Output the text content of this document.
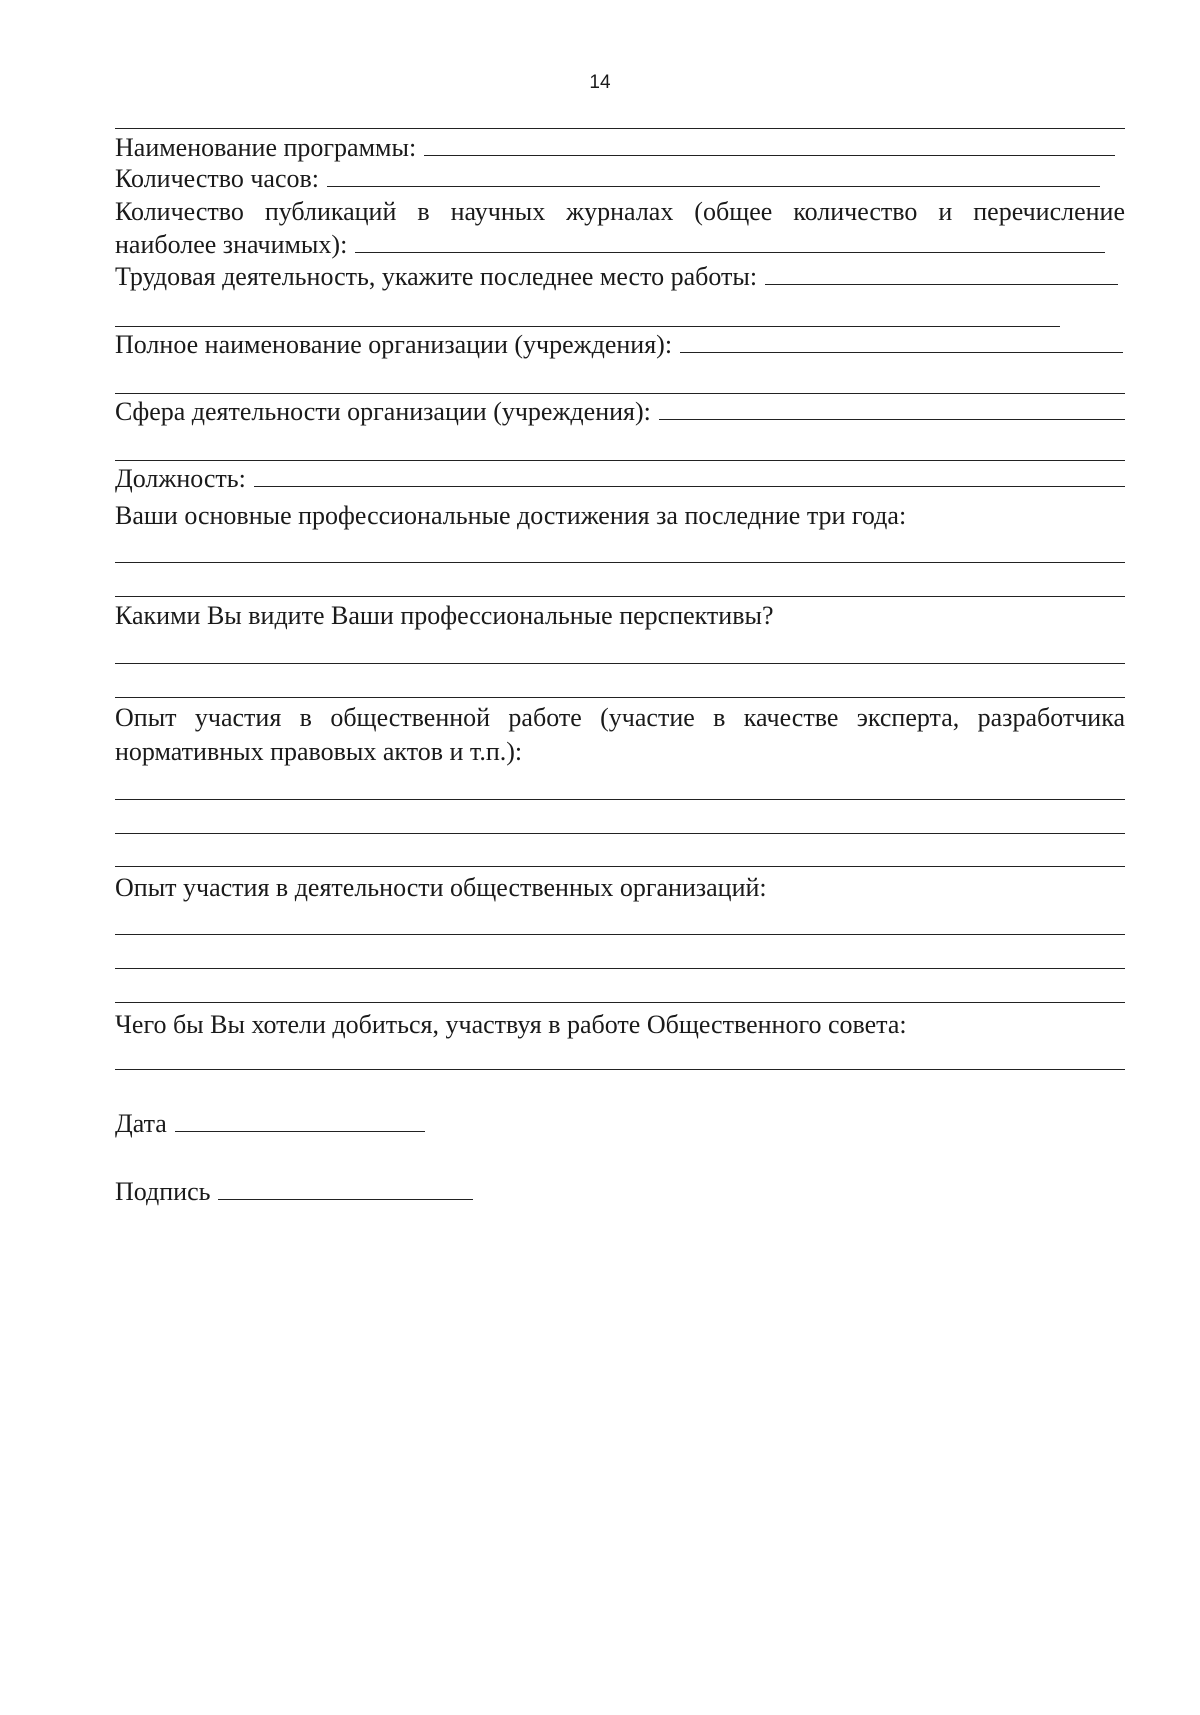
14
Наименование программы:
Количество часов:
Количество публикаций в научных журналах (общее количество и перечисление
наиболее значимых):
Трудовая деятельность, укажите последнее место работы:
Полное наименование организации (учреждения):
Сфера деятельности организации (учреждения):
Должность:
Ваши основные профессиональные достижения за последние три года:
Какими Вы видите Ваши профессиональные перспективы?
Опыт участия в общественной работе (участие в качестве эксперта, разработчика
нормативных правовых актов и т.п.):
Опыт участия в деятельности общественных организаций:
Чего бы Вы хотели добиться, участвуя в работе Общественного совета:
Дата
Подпись
